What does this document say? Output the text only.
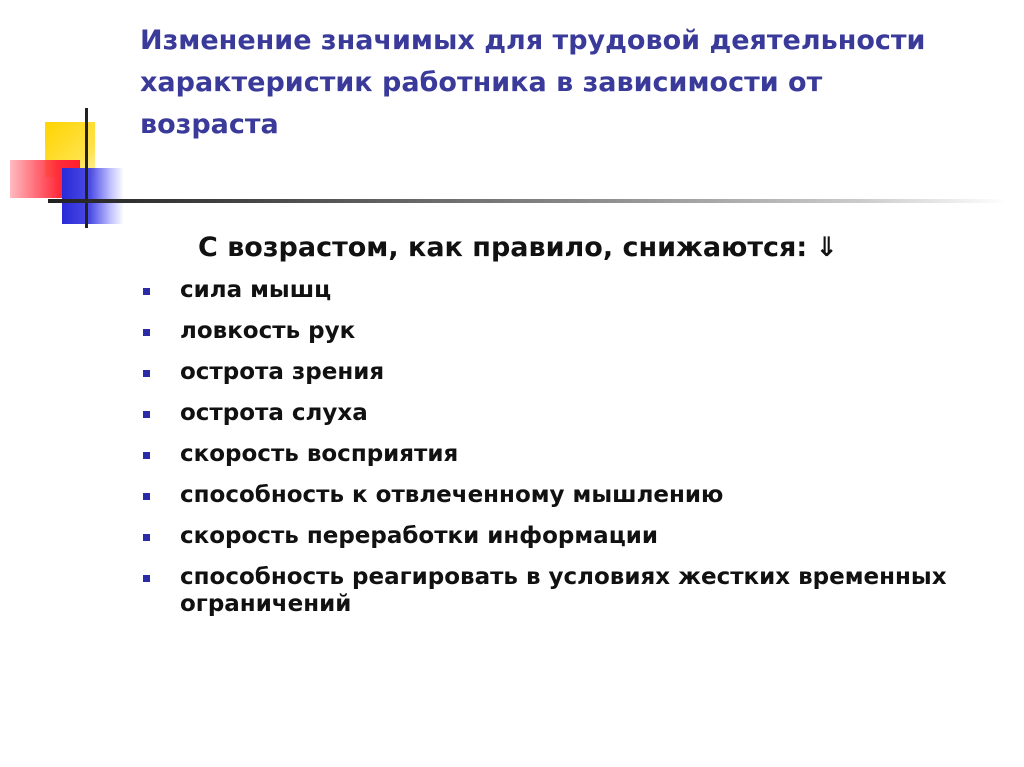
Изменение значимых для трудовой деятельности характеристик работника в зависимости от возраста

С возрастом, как правило, снижаются: ⇓

сила мышц
ловкость рук
острота зрения
острота слуха
скорость восприятия
способность к отвлеченному мышлению
скорость переработки информации
способность реагировать в условиях жестких временных ограничений
